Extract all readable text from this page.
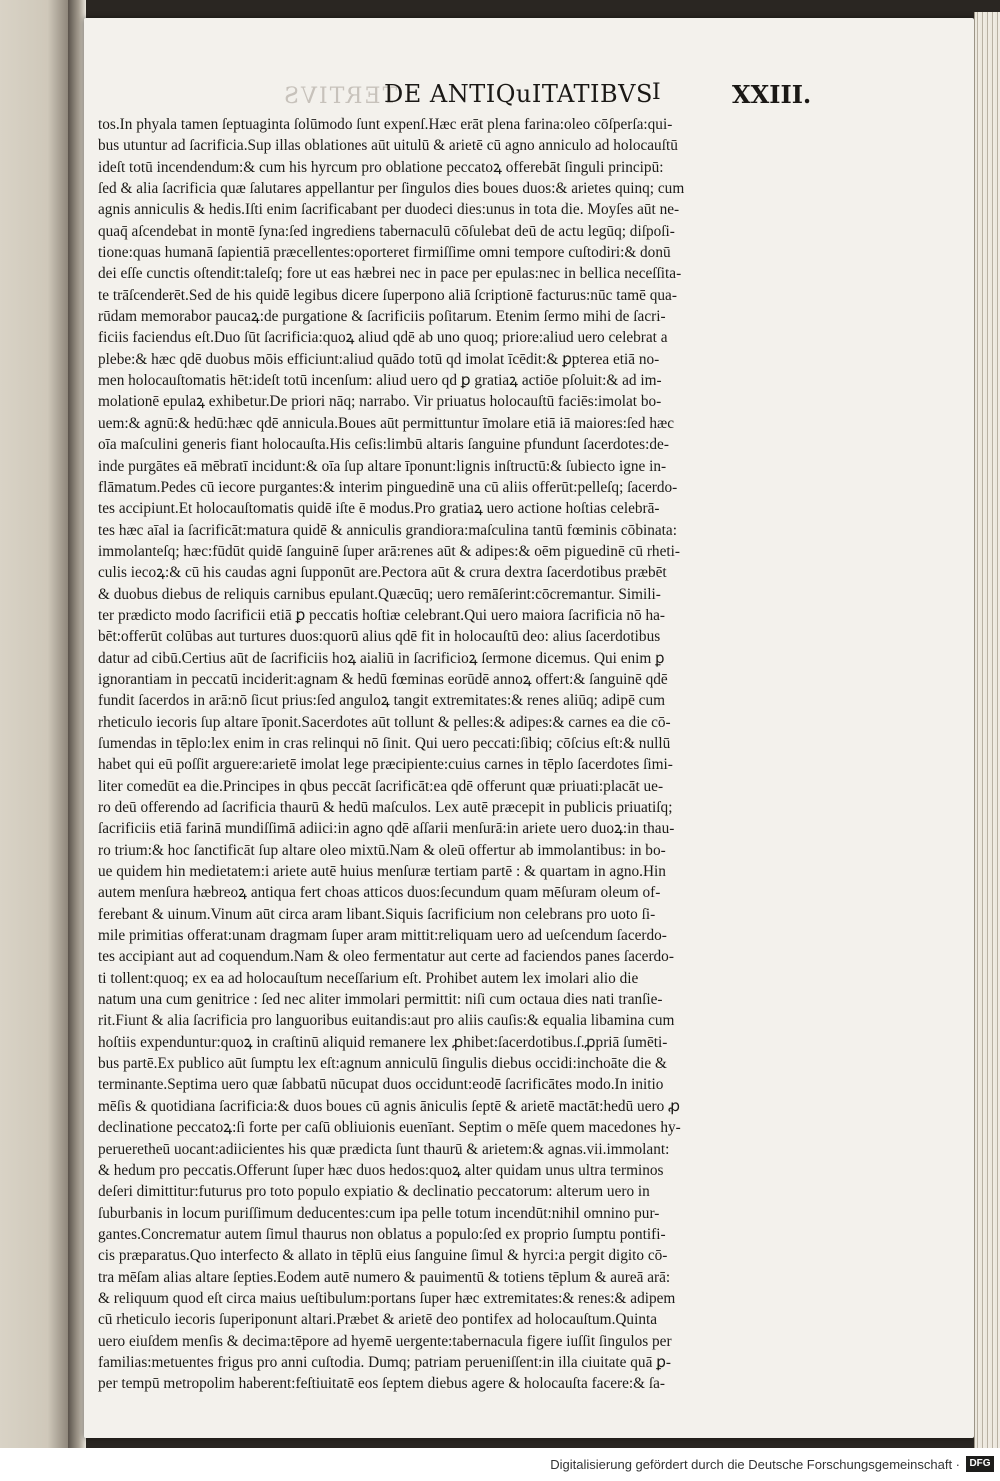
TERTIVS
DE ANTIQuITATIBVS I	XXIII.
tos.In phyala tamen ſeptuaginta ſolūmodo ſunt expenſ.Hæc erāt plena farina:oleo cōſperſa:qui-
bus utuntur ad ſacrificia.Sup illas oblationes aūt uitulū & arietē cū agno anniculo ad holocauſtū
ideſt totū incendendum:& cum his hyrcum pro oblatione peccatoꝝ offerebāt ſinguli principū:
ſed & alia ſacrificia quæ ſalutares appellantur per ſingulos dies boues duos:& arietes quinq; cum
agnis anniculis & hedis.Iſti enim ſacrificabant per duodeci dies:unus in tota die. Moyſes aūt ne-
quaq̄ aſcendebat in montē ſyna:ſed ingrediens tabernaculū cōſulebat deū de actu legūq; diſpoſi-
tione:quas humanā ſapientiā præcellentes:oporteret firmiſſime omni tempore cuſtodiri:& donū
dei eſſe cunctis oſtendit:taleſq; fore ut eas hæbrei nec in pace per epulas:nec in bellica neceſſita-
te trāſcenderēt.Sed de his quidē legibus dicere ſuperpono aliā ſcriptionē facturus:nūc tamē qua-
rūdam memorabor paucaꝝ:de purgatione & ſacrificiis poſitarum. Etenim ſermo mihi de ſacri-
ficiis faciendus eſt.Duo ſūt ſacrificia:quoꝝ aliud qdē ab uno quoq; priore:aliud uero celebrat a
plebe:& hæc qdē duobus mōis efficiunt:aliud quādo totū qd imolat īcēdit:& ꝑpterea etiā no-
men holocauſtomatis hēt:ideſt totū incenſum: aliud uero qd ꝑ gratiaꝝ actiōe pſoluit:& ad im-
molationē epulaꝝ exhibetur.De priori nāq; narrabo. Vir priuatus holocauſtū faciēs:imolat bo-
uem:& agnū:& hedū:hæc qdē annicula.Boues aūt permittuntur īmolare etiā iā maiores:ſed hæc
oīa maſculini generis fiant holocauſta.His ceſis:limbū altaris ſanguine pfundunt ſacerdotes:de-
inde purgātes eā mēbratī incidunt:& oīa ſup altare īponunt:lignis inſtructū:& ſubiecto igne in-
flāmatum.Pedes cū iecore purgantes:& interim pinguedinē una cū aliis offerūt:pelleſq; ſacerdo-
tes accipiunt.Et holocauſtomatis quidē iſte ē modus.Pro gratiaꝝ uero actione hoſtias celebrā-
tes hæc aīal ia ſacrificāt:matura quidē & anniculis grandiora:maſculina tantū fœminis cōbinata:
immolanteſq; hæc:fūdūt quidē ſanguinē ſuper arā:renes aūt & adipes:& oēm piguedinē cū rheti-
culis iecoꝝ:& cū his caudas agni ſupponūt are.Pectora aūt & crura dextra ſacerdotibus præbēt
& duobus diebus de reliquis carnibus epulant.Quæcūq; uero remāſerint:cōcremantur. Simili-
ter prædicto modo ſacrificii etiā ꝑ peccatis hoſtiæ celebrant.Qui uero maiora ſacrificia nō ha-
bēt:offerūt colūbas aut turtures duos:quorū alius qdē fit in holocauſtū deo: alius ſacerdotibus
datur ad cibū.Certius aūt de ſacrificiis hoꝝ aialiū in ſacrificioꝝ ſermone dicemus. Qui enim ꝑ
ignorantiam in peccatū inciderit:agnam & hedū fœminas eorūdē annoꝝ offert:& ſanguinē qdē
fundit ſacerdos in arā:nō ſicut prius:ſed anguloꝝ tangit extremitates:& renes aliūq; adipē cum
rheticulo iecoris ſup altare īponit.Sacerdotes aūt tollunt & pelles:& adipes:& carnes ea die cō-
ſumendas in tēplo:lex enim in cras relinqui nō ſinit. Qui uero peccati:ſibiq; cōſcius eſt:& nullū
habet qui eū poſſit arguere:arietē imolat lege præcipiente:cuius carnes in tēplo ſacerdotes ſimi-
liter comedūt ea die.Principes in qbus peccāt ſacrificāt:ea qdē offerunt quæ priuati:placāt ue-
ro deū offerendo ad ſacrificia thaurū & hedū maſculos. Lex autē præcepit in publicis priuatiſq;
ſacrificiis etiā farinā mundiſſimā adiici:in agno qdē aſſarii menſurā:in ariete uero duoꝝ:in thau-
ro trium:& hoc ſanctificāt ſup altare oleo mixtū.Nam & oleū offertur ab immolantibus: in bo-
ue quidem hin medietatem:i ariete autē huius menſuræ tertiam partē : & quartam in agno.Hin
autem menſura hæbreoꝝ antiqua fert choas atticos duos:ſecundum quam mēſuram oleum of-
ferebant & uinum.Vinum aūt circa aram libant.Siquis ſacrificium non celebrans pro uoto ſi-
mile primitias offerat:unam dragmam ſuper aram mittit:reliquam uero ad ueſcendum ſacerdo-
tes accipiant aut ad coquendum.Nam & oleo fermentatur aut certe ad faciendos panes ſacerdo-
ti tollent:quoq; ex ea ad holocauſtum neceſſarium eſt. Prohibet autem lex imolari alio die
natum una cum genitrice : ſed nec aliter immolari permittit: niſi cum octaua dies nati tranſie-
rit.Fiunt & alia ſacrificia pro languoribus euitandis:aut pro aliis cauſis:& equalia libamina cum
hoſtiis expenduntur:quoꝝ in craſtinū aliquid remanere lex ꝓhibet:ſacerdotibus.ſ.ꝓpriā ſumēti-
bus partē.Ex publico aūt ſumptu lex eſt:agnum anniculū ſingulis diebus occidi:inchoāte die &
terminante.Septima uero quæ ſabbatū nūcupat duos occidunt:eodē ſacrificātes modo.In initio
mēſis & quotidiana ſacrificia:& duos boues cū agnis āniculis ſeptē & arietē mactāt:hedū uero ꝓ
declinatione peccatoꝝ:ſi forte per caſū obliuionis euenīant. Septim o mēſe quem macedones hy-
perueretheū uocant:adiicientes his quæ prædicta ſunt thaurū & arietem:& agnas.vii.immolant:
& hedum pro peccatis.Offerunt ſuper hæc duos hedos:quoꝝ alter quidam unus ultra terminos
deſeri dimittitur:futurus pro toto populo expiatio & declinatio peccatorum: alterum uero in
ſuburbanis in locum puriſſimum deducentes:cum ipa pelle totum incendūt:nihil omnino pur-
gantes.Concrematur autem ſimul thaurus non oblatus a populo:ſed ex proprio ſumptu pontifi-
cis præparatus.Quo interfecto & allato in tēplū eius ſanguine ſimul & hyrci:a pergit digito cō-
tra mēſam alias altare ſepties.Eodem autē numero & pauimentū & totiens tēplum & aureā arā:
& reliquum quod eſt circa maius ueſtibulum:portans ſuper hæc extremitates:& renes:& adipem
cū rheticulo iecoris ſuperiponunt altari.Præbet & arietē deo pontifex ad holocauſtum.Quinta
uero eiuſdem menſis & decima:tēpore ad hyemē uergente:tabernacula figere iuſſit ſingulos per
familias:metuentes frigus pro anni cuſtodia. Dumq; patriam perueniſſent:in illa ciuitate quā ꝑ-
per tempū metropolim haberent:feſtiuitatē eos ſeptem diebus agere & holocauſta facere:& ſa-
Digitalisierung gefördert durch die Deutsche Forschungsgemeinschaft · DFG
